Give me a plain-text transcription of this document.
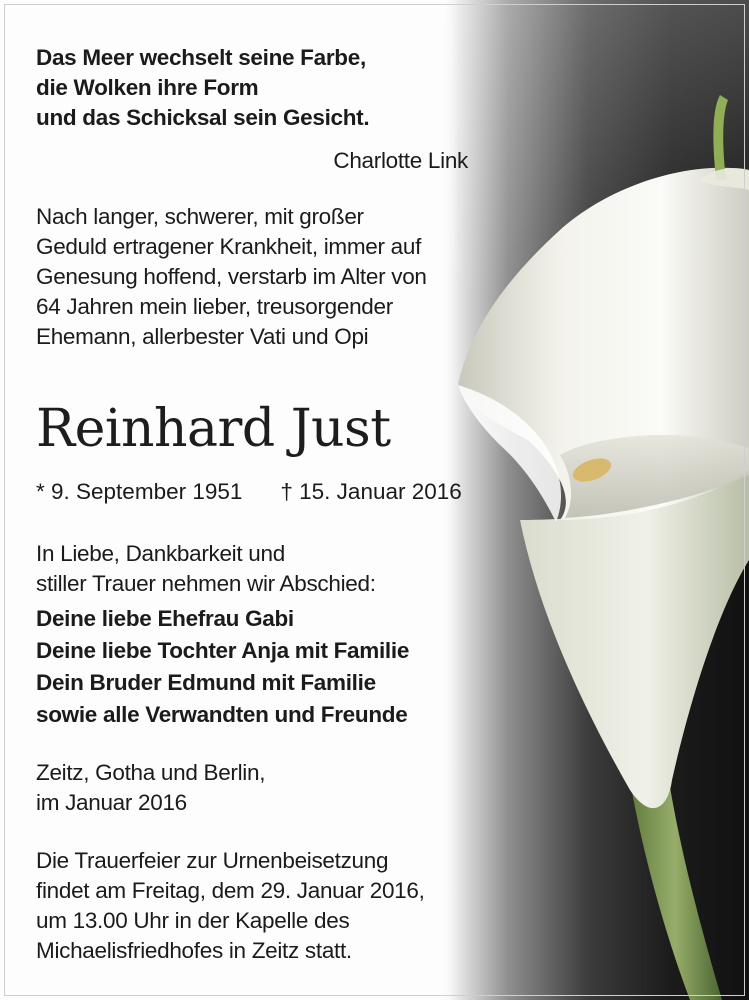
Das Meer wechselt seine Farbe,
die Wolken ihre Form
und das Schicksal sein Gesicht.
Charlotte Link
Nach langer, schwerer, mit großer
Geduld ertragener Krankheit, immer auf
Genesung hoffend, verstarb im Alter von
64 Jahren mein lieber, treusorgender
Ehemann, allerbester Vati und Opi
Reinhard Just
* 9. September 1951 † 15. Januar 2016
In Liebe, Dankbarkeit und
stiller Trauer nehmen wir Abschied:
Deine liebe Ehefrau Gabi
Deine liebe Tochter Anja mit Familie
Dein Bruder Edmund mit Familie
sowie alle Verwandten und Freunde
Zeitz, Gotha und Berlin,
im Januar 2016
Die Trauerfeier zur Urnenbeisetzung
findet am Freitag, dem 29. Januar 2016,
um 13.00 Uhr in der Kapelle des
Michaelisfriedhofes in Zeitz statt.
